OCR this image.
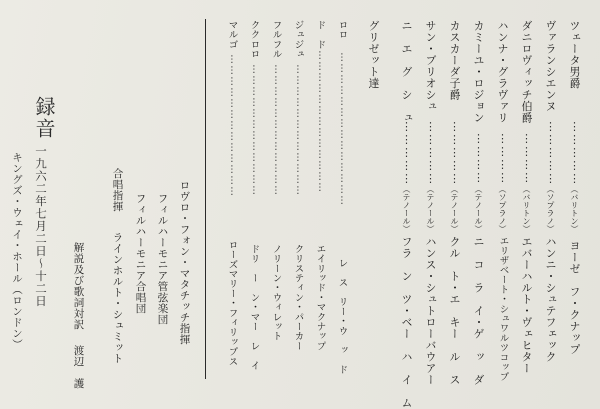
ツェータ男爵
⋮⋮⋮⋮⋮
（バリトン）
ヨーゼ　フ・クナップ
ヴァランシエンヌ
⋮⋮⋮⋮⋮
（ソプラノ）
ハンニ・シュテフェック
ダニロヴィッチ伯爵
⋮⋮⋮⋮
（バリトン）
エバーハルト・ヴェヒター
ハンナ・グラヴァリ
⋮⋮⋮⋮
（ソプラノ）
エリザベート・シュワルツコップ
カミーユ・ロジョン
⋮⋮⋮⋮
（テノール）
ニ　コ　ラ　イ・ゲ　ッ　ダ
カスカーダ子爵
⋮⋮⋮⋮⋮
（テノール）
クル　ト・エ　キー　ル　ス
サン・ブリオシュ
⋮⋮⋮⋮⋮
（テノール）
ハンス・シュトローバウアー
ニ　エ　グ　シ　ュ
⋮⋮⋮⋮⋮
（テノール）
フラ　ン　ツ・ベー　ハ　イ　ム
グリゼット達
ロロ
⋮⋮⋮⋮⋮⋮⋮⋮⋮⋮⋮⋮⋮⋮
レ　ス　リー・ウ　ッ　ド
ド　ド
⋮⋮⋮⋮⋮⋮⋮⋮⋮⋮⋮⋮⋮
エイリッド・マクナップ
ジュジュ
⋮⋮⋮⋮⋮⋮⋮⋮⋮⋮⋮⋮
クリスティン・パーカー
フルフル
⋮⋮⋮⋮⋮⋮⋮⋮⋮⋮⋮⋮
ノリーン・ウィレット
ククロロ
⋮⋮⋮⋮⋮⋮⋮⋮⋮⋮⋮⋮
ドリ　ー　ン・マー　レ　イ
マルゴ
⋮⋮⋮⋮⋮⋮⋮⋮⋮⋮⋮⋮⋮
ローズマリー・フィリップス
ロヴロ・フォン・マタチッチ指揮
フィルハーモニア管弦楽団
フィルハーモニア合唱団
合唱指揮
ラインホルト・シュミット
解説及び歌詞対訳
渡辺　護
録音
一九六二年七月二日～十二日
キングズ・ウェイ・ホール（ロンドン）
